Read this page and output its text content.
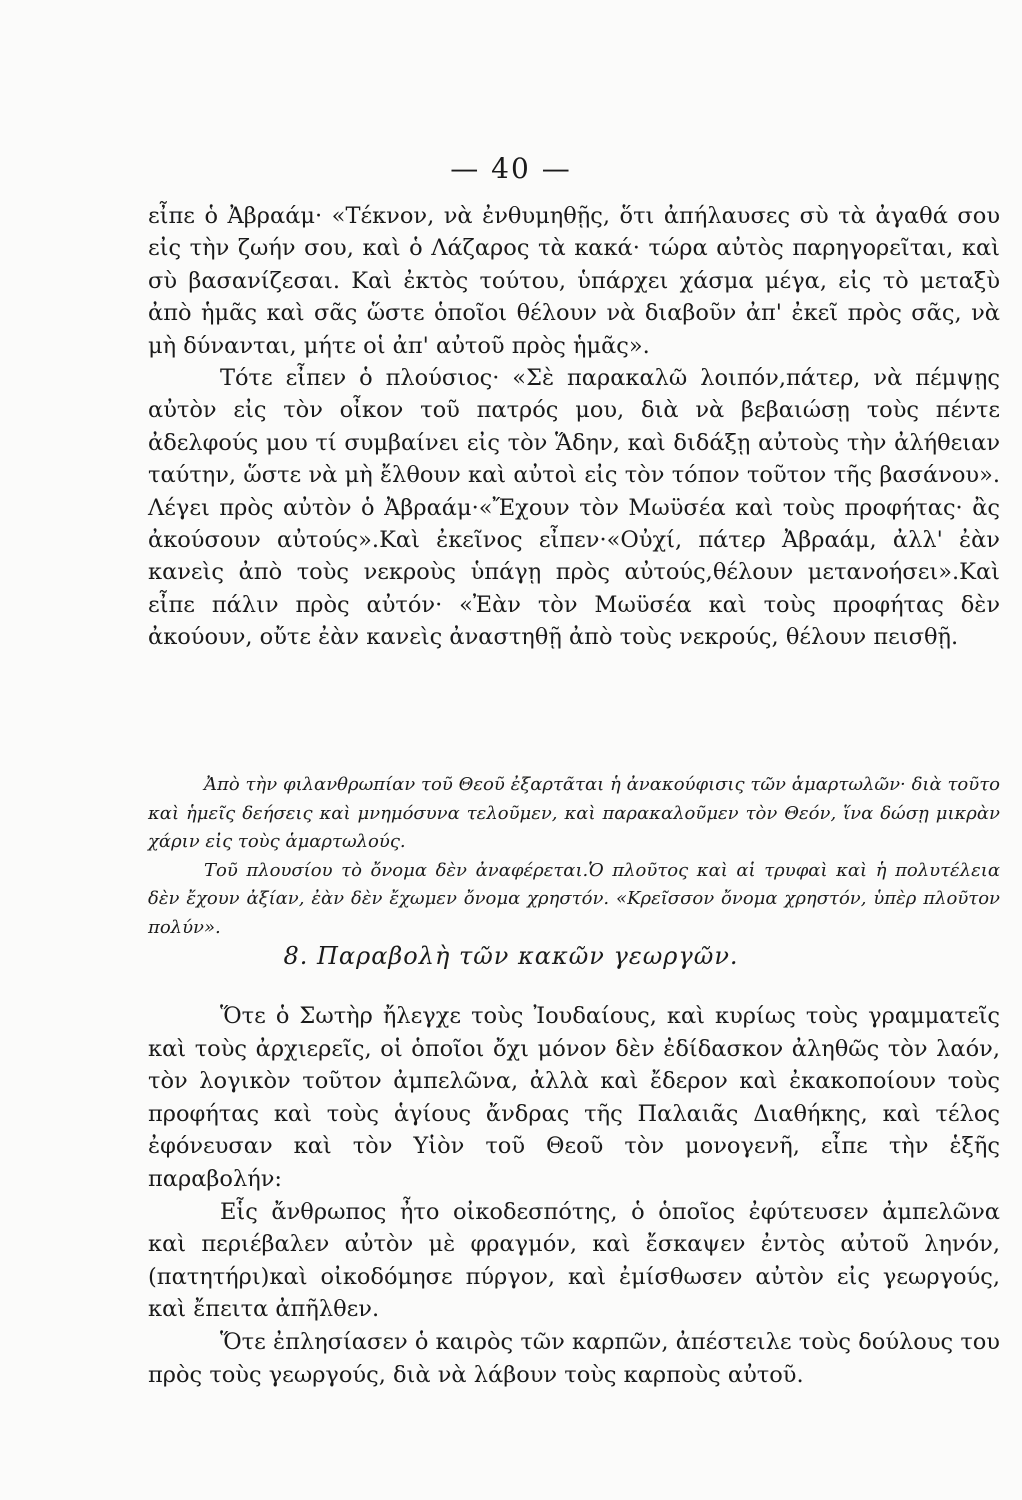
— 40 —

εἶπε ὁ Ἀβραάμ· «Τέκνον, νὰ ἐνθυμηθῇς, ὅτι ἀπήλαυσες σὺ τὰ ἀγαθά σου εἰς τὴν ζωήν σου, καὶ ὁ Λάζαρος τὰ κακά· τώρα αὐτὸς παρηγορεῖται, καὶ σὺ βασανίζεσαι. Καὶ ἐκτὸς τούτου, ὑπάρχει χάσμα μέγα, εἰς τὸ μεταξὺ ἀπὸ ἡμᾶς καὶ σᾶς ὥστε ὁποῖοι θέλουν νὰ διαβοῦν ἀπ' ἐκεῖ πρὸς σᾶς, νὰ μὴ δύνανται, μήτε οἱ ἀπ' αὐτοῦ πρὸς ἡμᾶς».

Τότε εἶπεν ὁ πλούσιος· «Σὲ παρακαλῶ λοιπόν,πάτερ, νὰ πέμψῃς αὐτὸν εἰς τὸν οἶκον τοῦ πατρός μου, διὰ νὰ βεβαιώσῃ τοὺς πέντε ἀδελφούς μου τί συμβαίνει εἰς τὸν Ἅδην, καὶ διδάξῃ αὐτοὺς τὴν ἀλήθειαν ταύτην, ὥστε νὰ μὴ ἔλθουν καὶ αὐτοὶ εἰς τὸν τόπον τοῦτον τῆς βασάνου». Λέγει πρὸς αὐτὸν ὁ Ἀβραάμ·«Ἔχουν τὸν Μωϋσέα καὶ τοὺς προφήτας· ἂς ἀκούσουν αὐτούς».Καὶ ἐκεῖνος εἶπεν·«Οὐχί, πάτερ Ἀβραάμ, ἀλλ' ἐὰν κανεὶς ἀπὸ τοὺς νεκροὺς ὑπάγῃ πρὸς αὐτούς,θέλουν μετανοήσει».Καὶ εἶπε πάλιν πρὸς αὐτόν· «Ἐὰν τὸν Μωϋσέα καὶ τοὺς προφήτας δὲν ἀκούουν, οὔτε ἐὰν κανεὶς ἀναστηθῇ ἀπὸ τοὺς νεκρούς, θέλουν πεισθῇ.

Ἀπὸ τὴν φιλανθρωπίαν τοῦ Θεοῦ ἐξαρτᾶται ἡ ἀνακούφισις τῶν ἁμαρτωλῶν· διὰ τοῦτο καὶ ἡμεῖς δεήσεις καὶ μνημόσυνα τελοῦμεν, καὶ παρακαλοῦμεν τὸν Θεόν, ἵνα δώσῃ μικρὰν χάριν εἰς τοὺς ἁμαρτωλούς.

Τοῦ πλουσίου τὸ ὄνομα δὲν ἀναφέρεται.Ὁ πλοῦτος καὶ αἱ τρυφαὶ καὶ ἡ πολυτέλεια δὲν ἔχουν ἀξίαν, ἐὰν δὲν ἔχωμεν ὄνομα χρηστόν. «Κρεῖσσον ὄνομα χρηστόν, ὑπὲρ πλοῦτον πολύν».

8. Παραβολὴ τῶν κακῶν γεωργῶν.

Ὅτε ὁ Σωτὴρ ἤλεγχε τοὺς Ἰουδαίους, καὶ κυρίως τοὺς γραμματεῖς καὶ τοὺς ἀρχιερεῖς, οἱ ὁποῖοι ὄχι μόνον δὲν ἐδίδασκον ἀληθῶς τὸν λαόν, τὸν λογικὸν τοῦτον ἀμπελῶνα, ἀλλὰ καὶ ἔδερον καὶ ἐκακοποίουν τοὺς προφήτας καὶ τοὺς ἁγίους ἄνδρας τῆς Παλαιᾶς Διαθήκης, καὶ τέλος ἐφόνευσαν καὶ τὸν Υἱὸν τοῦ Θεοῦ τὸν μονογενῆ, εἶπε τὴν ἑξῆς παραβολήν:

Εἷς ἄνθρωπος ἦτο οἰκοδεσπότης, ὁ ὁποῖος ἐφύτευσεν ἀμπελῶνα καὶ περιέβαλεν αὐτὸν μὲ φραγμόν, καὶ ἔσκαψεν ἐντὸς αὐτοῦ ληνόν, (πατητήρι)καὶ οἰκοδόμησε πύργον, καὶ ἐμίσθωσεν αὐτὸν εἰς γεωργούς, καὶ ἔπειτα ἀπῆλθεν.

Ὅτε ἐπλησίασεν ὁ καιρὸς τῶν καρπῶν, ἀπέστειλε τοὺς δούλους του πρὸς τοὺς γεωργούς, διὰ νὰ λάβουν τοὺς καρποὺς αὐτοῦ.
